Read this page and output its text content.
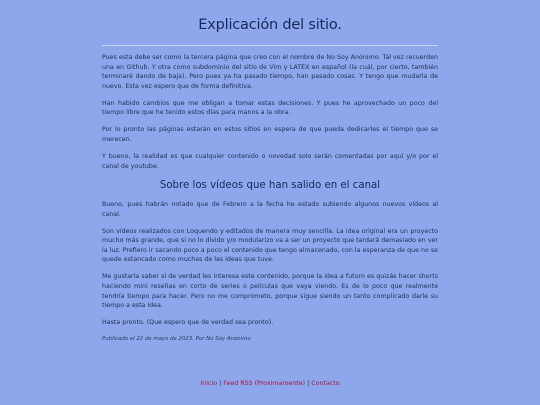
Explicación del sitio.

Pues esta debe ser como la tercera página que creo con el nombre de No Soy Anónimo. Tal vez recuerden una en Github. Y otra como subdominio del sitio de Vim y LATEX en español (la cuál, por cierto, también terminaré dando de baja). Pero pues ya ha pasado tiempo, han pasado cosas. Y tengo que mudarla de nuevo. Esta vez espero que de forma definitiva.

Han habido cambios que me obligan a tomar estas decisiones. Y pues he aprovechado un poco del tiempo libre que he tenido estos días para manos a la obra.

Por lo pronto las páginas estarán en estos sitios en espera de que pueda dedicarles el tiempo que se merecen.

Y bueno, la realidad es que cualquier contenido o novedad solo serán comentadas por aquí y/o por el canal de youtube.

Sobre los vídeos que han salido en el canal

Bueno, pues habrán notado que de Febrero a la fecha he estado subiendo algunos nuevos vídeos al canal.

Son vídeos realizados con Loquendo y editados de manera muy sencilla. La idea original era un proyecto mucho más grande, que si no lo divido y/o modularizo va a ser un proyecto que tardará demasiado en ver la luz. Prefiero ir sacando poco a poco el contenido que tengo almacenado, con la esperanza de que no se quede estancado como muchas de las ideas que tuve.

Me gustaría saber si de verdad les interesa este contenido, porque la idea a futuro es quizás hacer shorts haciendo mini reseñas en corto de series o películas que vaya viendo. Es de lo poco que realmente tendría tiempo para hacer. Pero no me comprometo, porque sigue siendo un tanto complicado darle su tiempo a esta idea.

Hasta pronto. (Que espero que de verdad sea pronto).

Publicado el 22 de mayo de 2023. Por No Soy Anónimo

Inicio | Feed RSS (Proximamente) | Contacto
